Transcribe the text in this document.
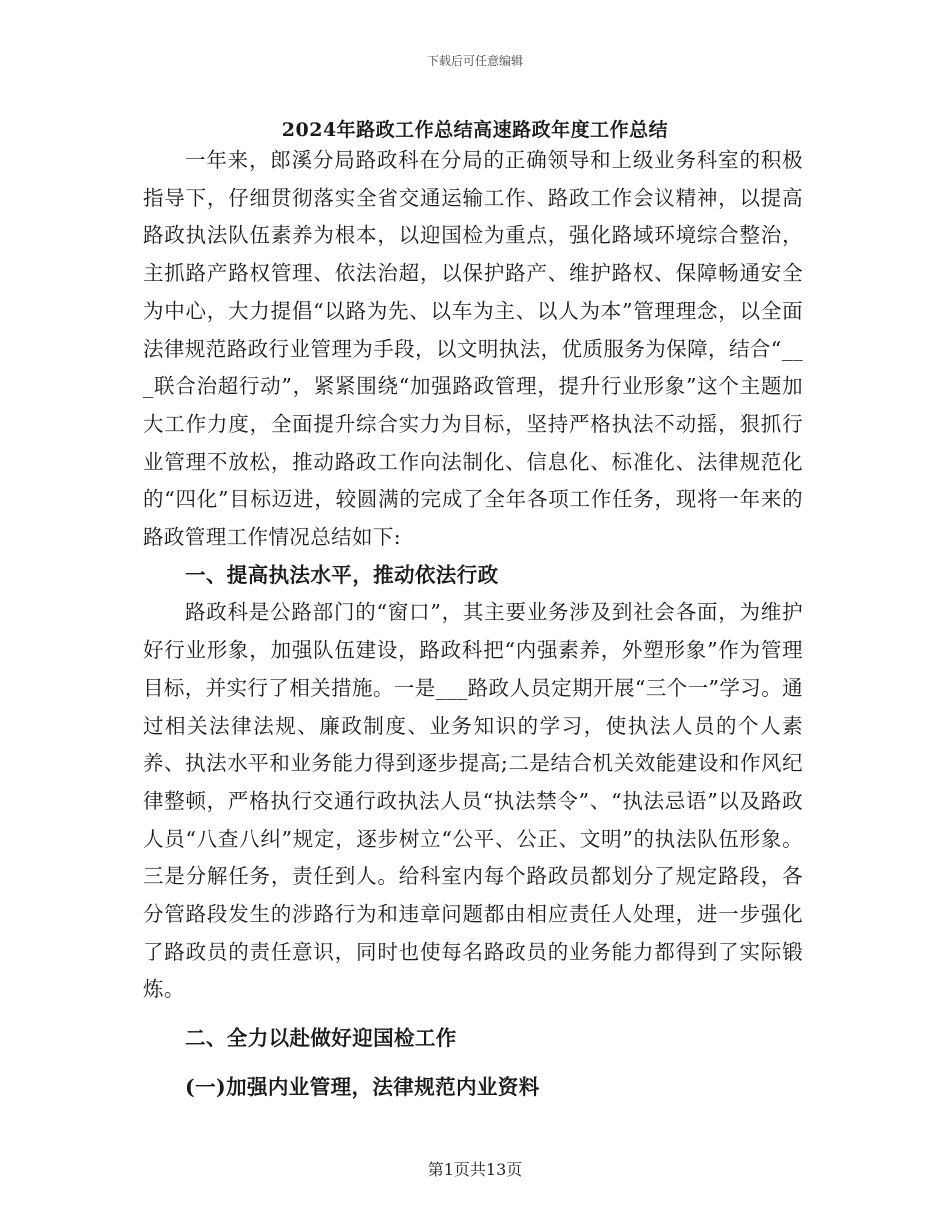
下载后可任意编辑
2024年路政工作总结高速路政年度工作总结

一年来，郎溪分局路政科在分局的正确领导和上级业务科室的积极指导下，仔细贯彻落实全省交通运输工作、路政工作会议精神，以提高路政执法队伍素养为根本，以迎国检为重点，强化路域环境综合整治，主抓路产路权管理、依法治超，以保护路产、维护路权、保障畅通安全为中心，大力提倡“以路为先、以车为主、以人为本”管理理念，以全面法律规范路政行业管理为手段，以文明执法，优质服务为保障，结合“___联合治超行动”，紧紧围绕“加强路政管理，提升行业形象”这个主题加大工作力度，全面提升综合实力为目标，坚持严格执法不动摇，狠抓行业管理不放松，推动路政工作向法制化、信息化、标准化、法律规范化的“四化”目标迈进，较圆满的完成了全年各项工作任务，现将一年来的路政管理工作情况总结如下:

一、提高执法水平，推动依法行政

路政科是公路部门的“窗口”，其主要业务涉及到社会各面，为维护好行业形象，加强队伍建设，路政科把“内强素养，外塑形象”作为管理目标，并实行了相关措施。一是___路政人员定期开展“三个一”学习。通过相关法律法规、廉政制度、业务知识的学习，使执法人员的个人素养、执法水平和业务能力得到逐步提高;二是结合机关效能建设和作风纪律整顿，严格执行交通行政执法人员“执法禁令”、“执法忌语”以及路政人员“八查八纠”规定，逐步树立“公平、公正、文明”的执法队伍形象。三是分解任务，责任到人。给科室内每个路政员都划分了规定路段，各分管路段发生的涉路行为和违章问题都由相应责任人处理，进一步强化了路政员的责任意识，同时也使每名路政员的业务能力都得到了实际锻炼。

二、全力以赴做好迎国检工作

(一)加强内业管理，法律规范内业资料

第1页共13页
